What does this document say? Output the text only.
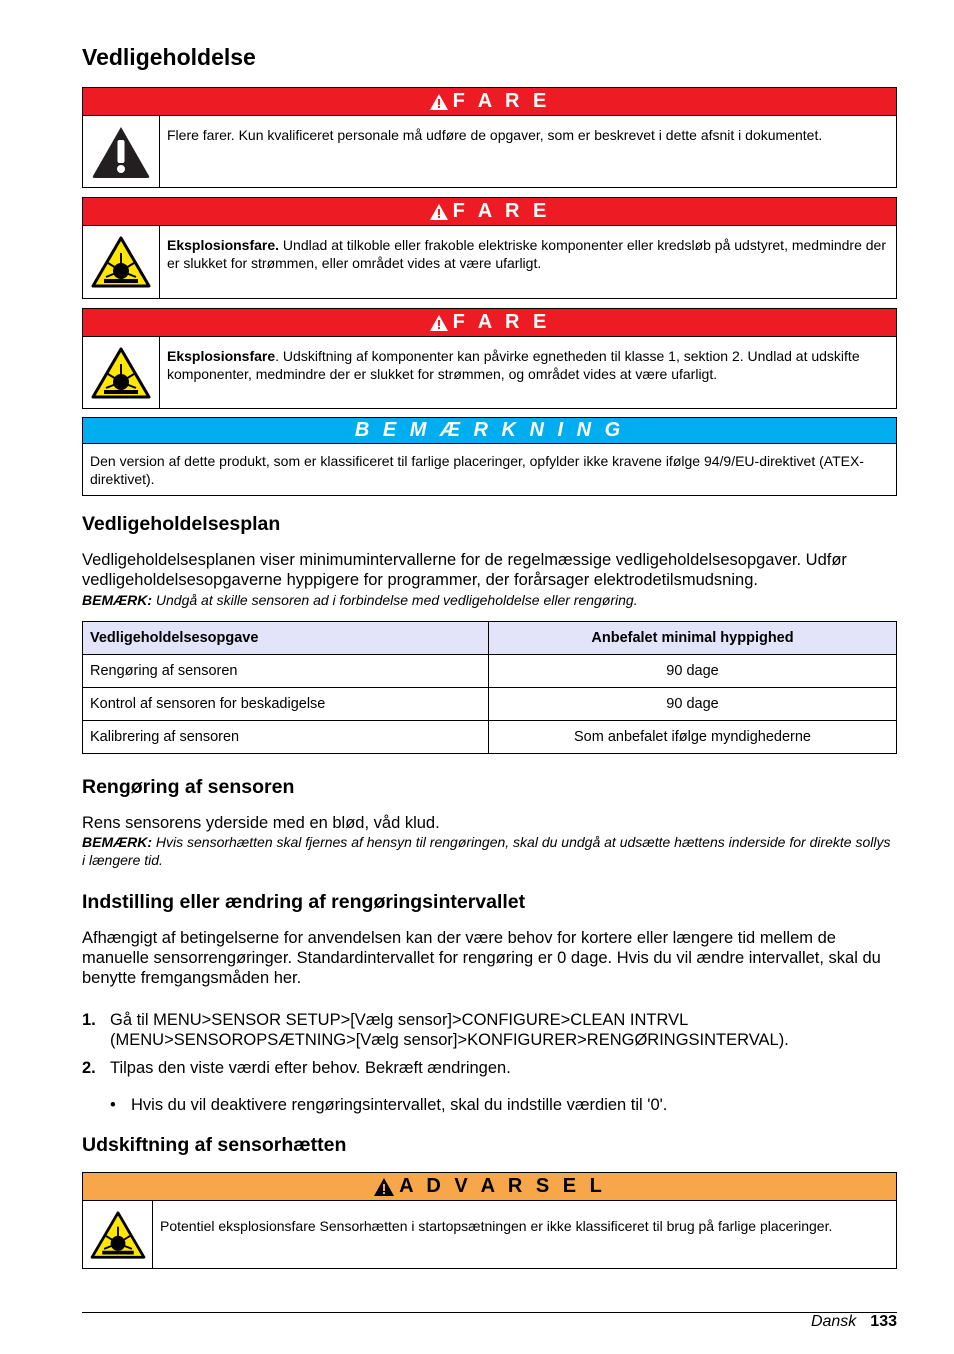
Vedligeholdelse
F A R E

Flere farer. Kun kvalificeret personale må udføre de opgaver, som er beskrevet i dette afsnit i dokumentet.

F A R E

Eksplosionsfare. Undlad at tilkoble eller frakoble elektriske komponenter eller kredsløb på udstyret, medmindre der er slukket for strømmen, eller området vides at være ufarligt.

F A R E

Eksplosionsfare. Udskiftning af komponenter kan påvirke egnetheden til klasse 1, sektion 2. Undlad at udskifte komponenter, medmindre der er slukket for strømmen, og området vides at være ufarligt.

B E M Æ R K N I N G
Den version af dette produkt, som er klassificeret til farlige placeringer, opfylder ikke kravene ifølge 94/9/EU-direktivet (ATEX-direktivet).
Vedligeholdelsesplan

Vedligeholdelsesplanen viser minimumintervallerne for de regelmæssige vedligeholdelsesopgaver. Udfør vedligeholdelsesopgaverne hyppigere for programmer, der forårsager elektrodetilsmudsning.

BEMÆRK: Undgå at skille sensoren ad i forbindelse med vedligeholdelse eller rengøring.

Vedligeholdelsesopgave	Anbefalet minimal hyppighed
Rengøring af sensoren	90 dage
Kontrol af sensoren for beskadigelse	90 dage
Kalibrering af sensoren	Som anbefalet ifølge myndighederne
Rengøring af sensoren

Rens sensorens yderside med en blød, våd klud.

BEMÆRK: Hvis sensorhætten skal fjernes af hensyn til rengøringen, skal du undgå at udsætte hættens inderside for direkte sollys i længere tid.

Indstilling eller ændring af rengøringsintervallet

Afhængigt af betingelserne for anvendelsen kan der være behov for kortere eller længere tid mellem de manuelle sensorrengøringer. Standardintervallet for rengøring er 0 dage. Hvis du vil ændre intervallet, skal du benytte fremgangsmåden her.

1. Gå til MENU>SENSOR SETUP>[Vælg sensor]>CONFIGURE>CLEAN INTRVL (MENU>SENSOROPSÆTNING>[Vælg sensor]>KONFIGURER>RENGØRINGSINTERVAL).
2. Tilpas den viste værdi efter behov. Bekræft ændringen.
• Hvis du vil deaktivere rengøringsintervallet, skal du indstille værdien til '0'.
Udskiftning af sensorhætten
A D V A R S E L
Potentiel eksplosionsfare Sensorhætten i startopsætningen er ikke klassificeret til brug på farlige placeringer.
Dansk 133
